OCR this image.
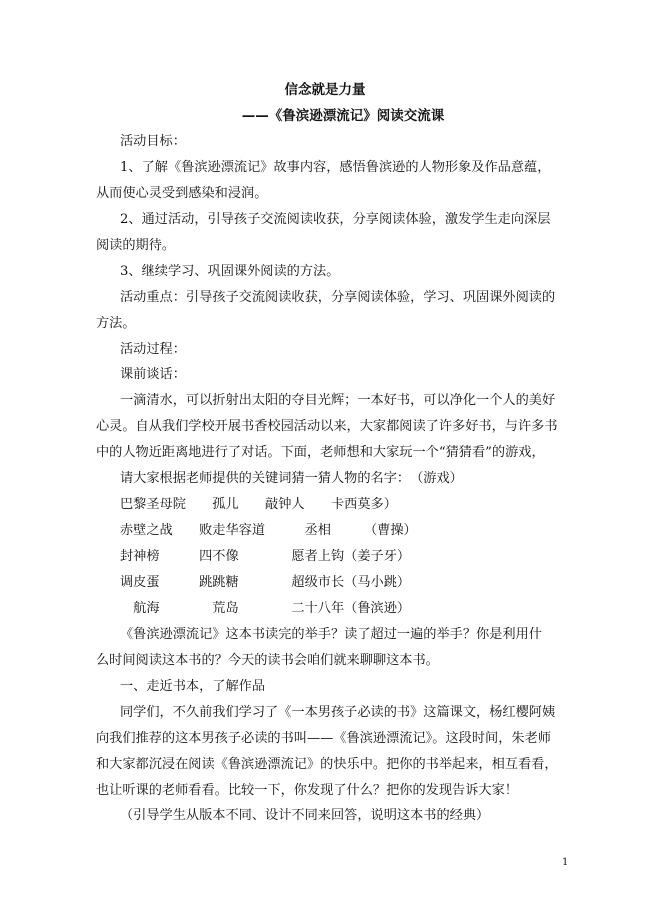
信念就是力量
——《鲁滨逊漂流记》阅读交流课
活动目标：
1、了解《鲁滨逊漂流记》故事内容，感悟鲁滨逊的人物形象及作品意蕴，
从而使心灵受到感染和浸润。
2、通过活动，引导孩子交流阅读收获，分享阅读体验，激发学生走向深层
阅读的期待。
3、继续学习、巩固课外阅读的方法。
活动重点：引导孩子交流阅读收获，分享阅读体验，学习、巩固课外阅读的
方法。
活动过程：
课前谈话：
一滴清水，可以折射出太阳的夺目光辉；一本好书，可以净化一个人的美好
心灵。自从我们学校开展书香校园活动以来，大家都阅读了许多好书，与许多书
中的人物近距离地进行了对话。下面，老师想和大家玩一个“猜猜看”的游戏，
请大家根据老师提供的关键词猜一猜人物的名字：　（游戏）
巴黎圣母院　　孤儿　　敲钟人　　卡西莫多）
赤壁之战　　败走华容道　　　丞相　　　（曹操）
封神榜　　　四不像　　　　愿者上钩（姜子牙）
调皮蛋　　　跳跳糖　　　　超级市长（马小跳）
　航海　　　　荒岛　　　　二十八年（鲁滨逊）
《鲁滨逊漂流记》这本书读完的举手？读了超过一遍的举手？你是利用什
么时间阅读这本书的？今天的读书会咱们就来聊聊这本书。
一、走近书本，了解作品
同学们，不久前我们学习了《一本男孩子必读的书》这篇课文，杨红樱阿姨
向我们推荐的这本男孩子必读的书叫——《鲁滨逊漂流记》。这段时间，朱老师
和大家都沉浸在阅读《鲁滨逊漂流记》的快乐中。把你的书举起来，相互看看，
也让听课的老师看看。比较一下，你发现了什么？把你的发现告诉大家！
（引导学生从版本不同、设计不同来回答，说明这本书的经典）
1
